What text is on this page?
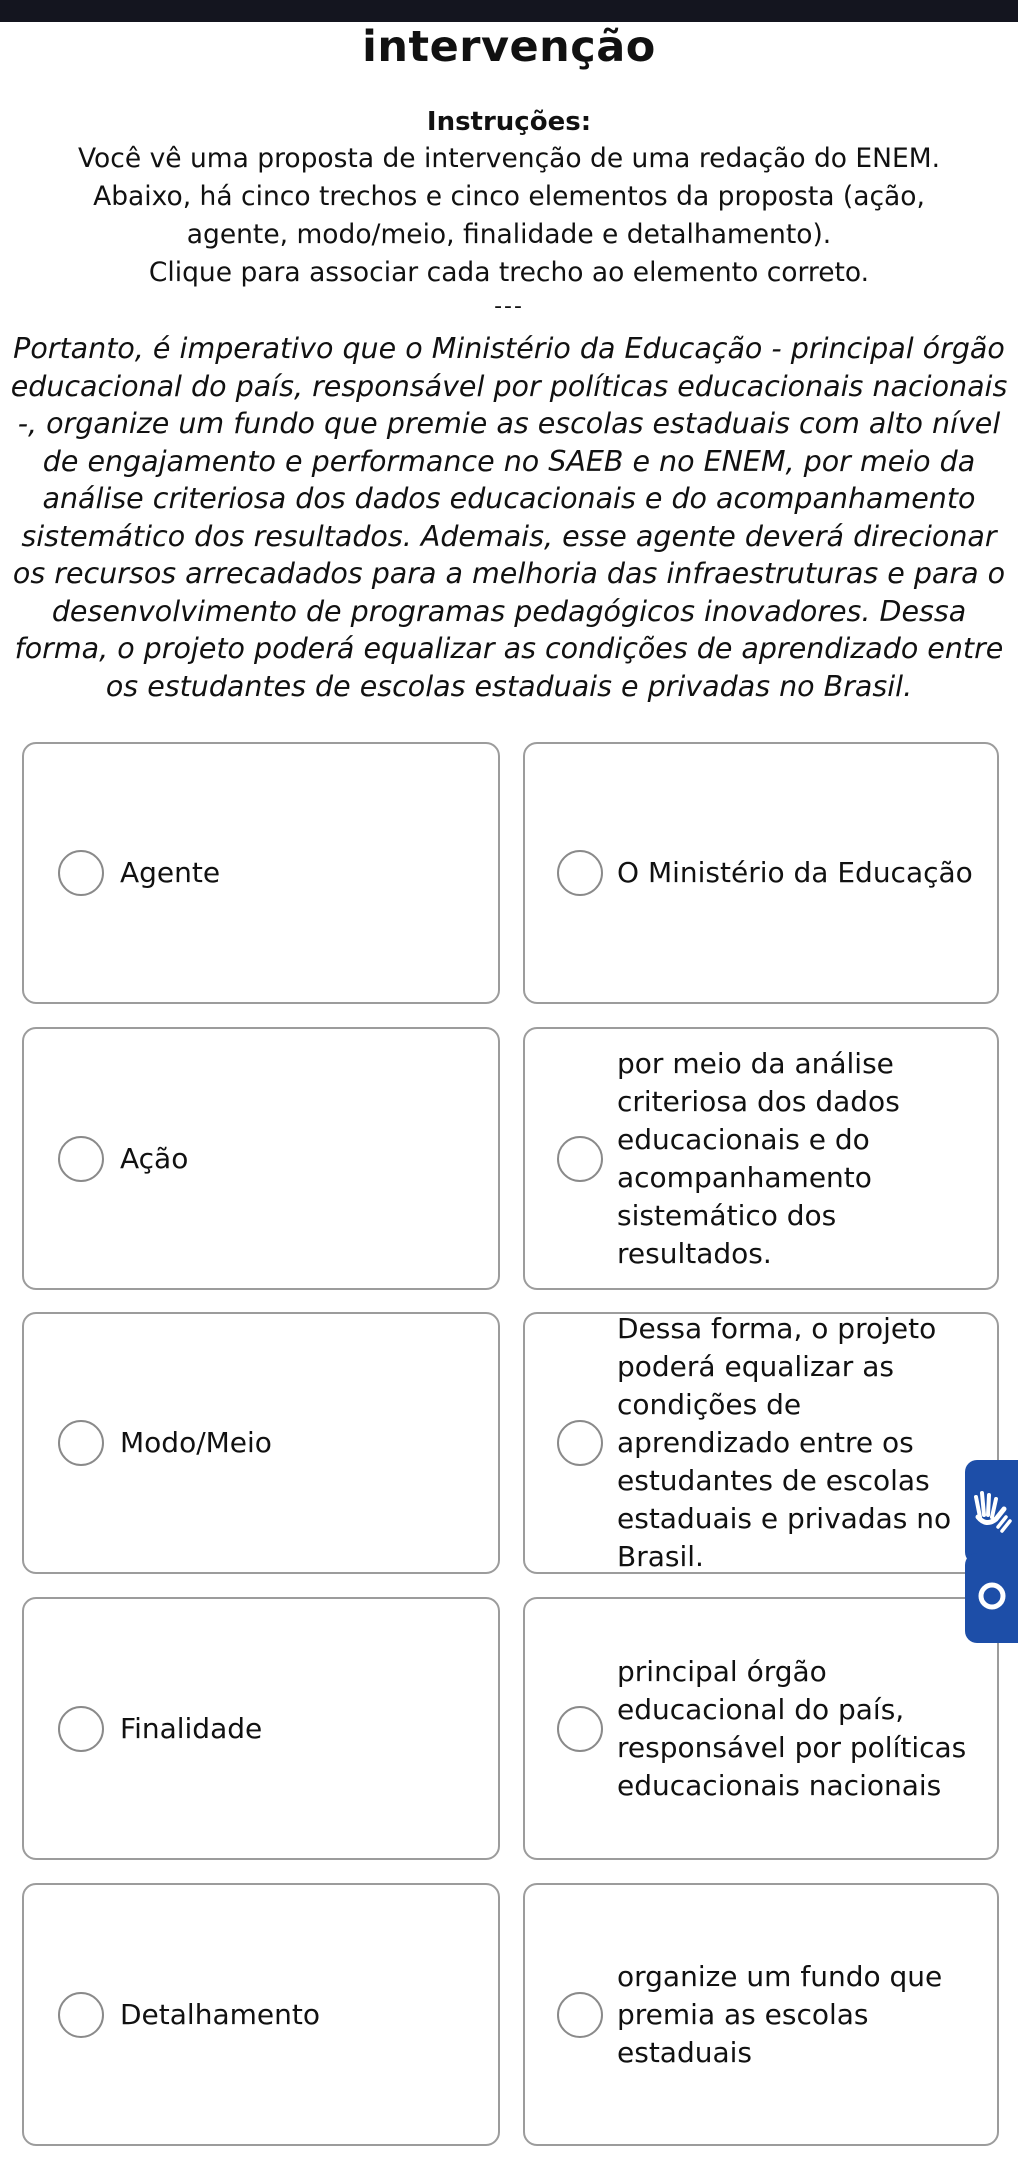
intervenção
Instruções:
Você vê uma proposta de intervenção de uma redação do ENEM.
Abaixo, há cinco trechos e cinco elementos da proposta (ação,
agente, modo/meio, finalidade e detalhamento).
Clique para associar cada trecho ao elemento correto.
---
Portanto, é imperativo que o Ministério da Educação - principal órgão
educacional do país, responsável por políticas educacionais nacionais
-, organize um fundo que premie as escolas estaduais com alto nível
de engajamento e performance no SAEB e no ENEM, por meio da
análise criteriosa dos dados educacionais e do acompanhamento
sistemático dos resultados. Ademais, esse agente deverá direcionar
os recursos arrecadados para a melhoria das infraestruturas e para o
desenvolvimento de programas pedagógicos inovadores. Dessa
forma, o projeto poderá equalizar as condições de aprendizado entre
os estudantes de escolas estaduais e privadas no Brasil.
Agente	O Ministério da Educação
Ação
por meio da análise criteriosa dos dados educacionais e do acompanhamento sistemático dos resultados.
Modo/Meio
Dessa forma, o projeto poderá equalizar as condições de aprendizado entre os estudantes de escolas estaduais e privadas no Brasil.
Finalidade
principal órgão educacional do país, responsável por políticas educacionais nacionais
Detalhamento
organize um fundo que premia as escolas estaduais
